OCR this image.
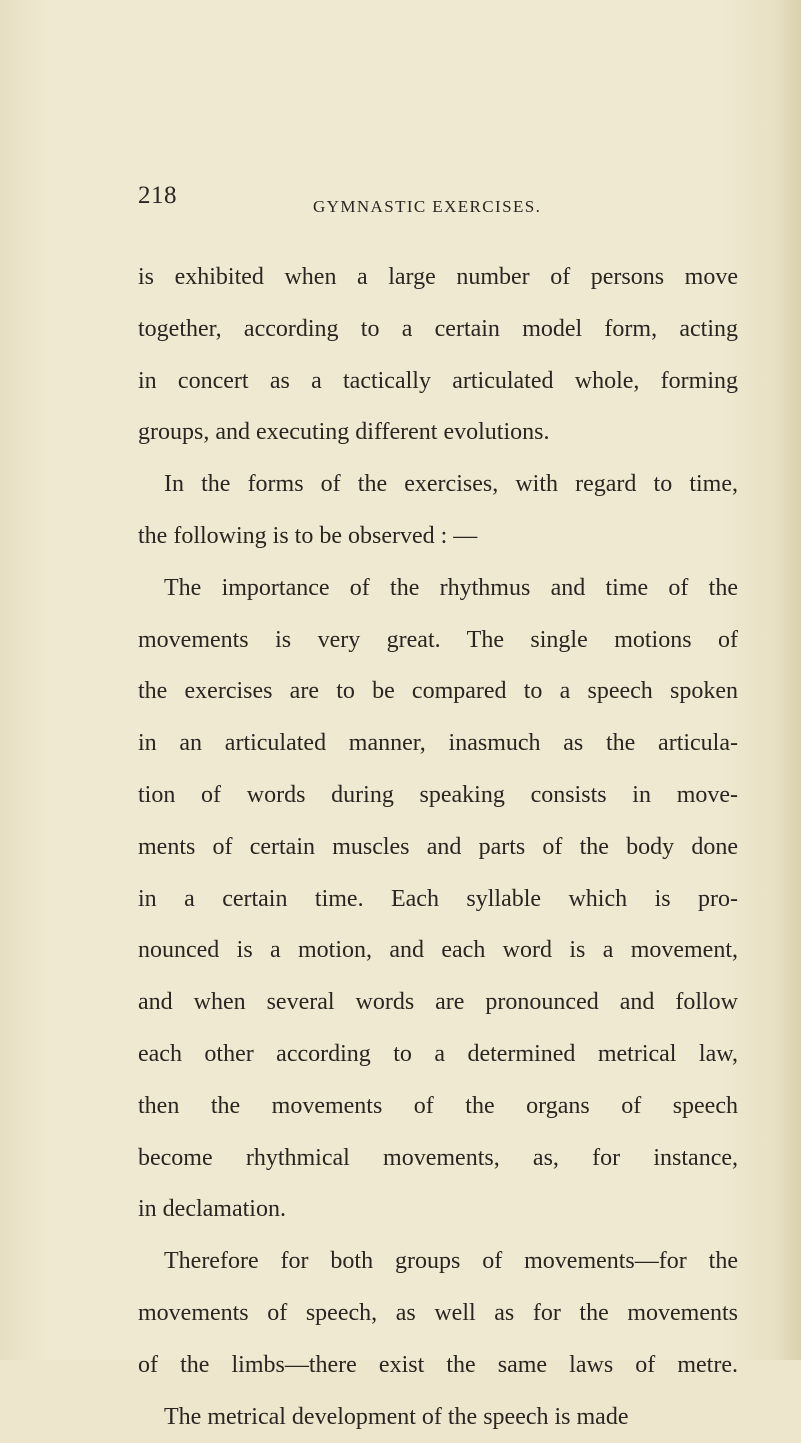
218	GYMNASTIC EXERCISES.
is exhibited when a large number of persons move
together, according to a certain model form, acting
in concert as a tactically articulated whole, forming
groups, and executing different evolutions.
In the forms of the exercises, with regard to time,
the following is to be observed : —
The importance of the rhythmus and time of the
movements is very great. The single motions of
the exercises are to be compared to a speech spoken
in an articulated manner, inasmuch as the articula-
tion of words during speaking consists in move-
ments of certain muscles and parts of the body done
in a certain time. Each syllable which is pro-
nounced is a motion, and each word is a movement,
and when several words are pronounced and follow
each other according to a determined metrical law,
then the movements of the organs of speech
become rhythmical movements, as, for instance,
in declamation.
Therefore for both groups of movements—for the
movements of speech, as well as for the movements
of the limbs—there exist the same laws of metre.
The metrical development of the speech is made
